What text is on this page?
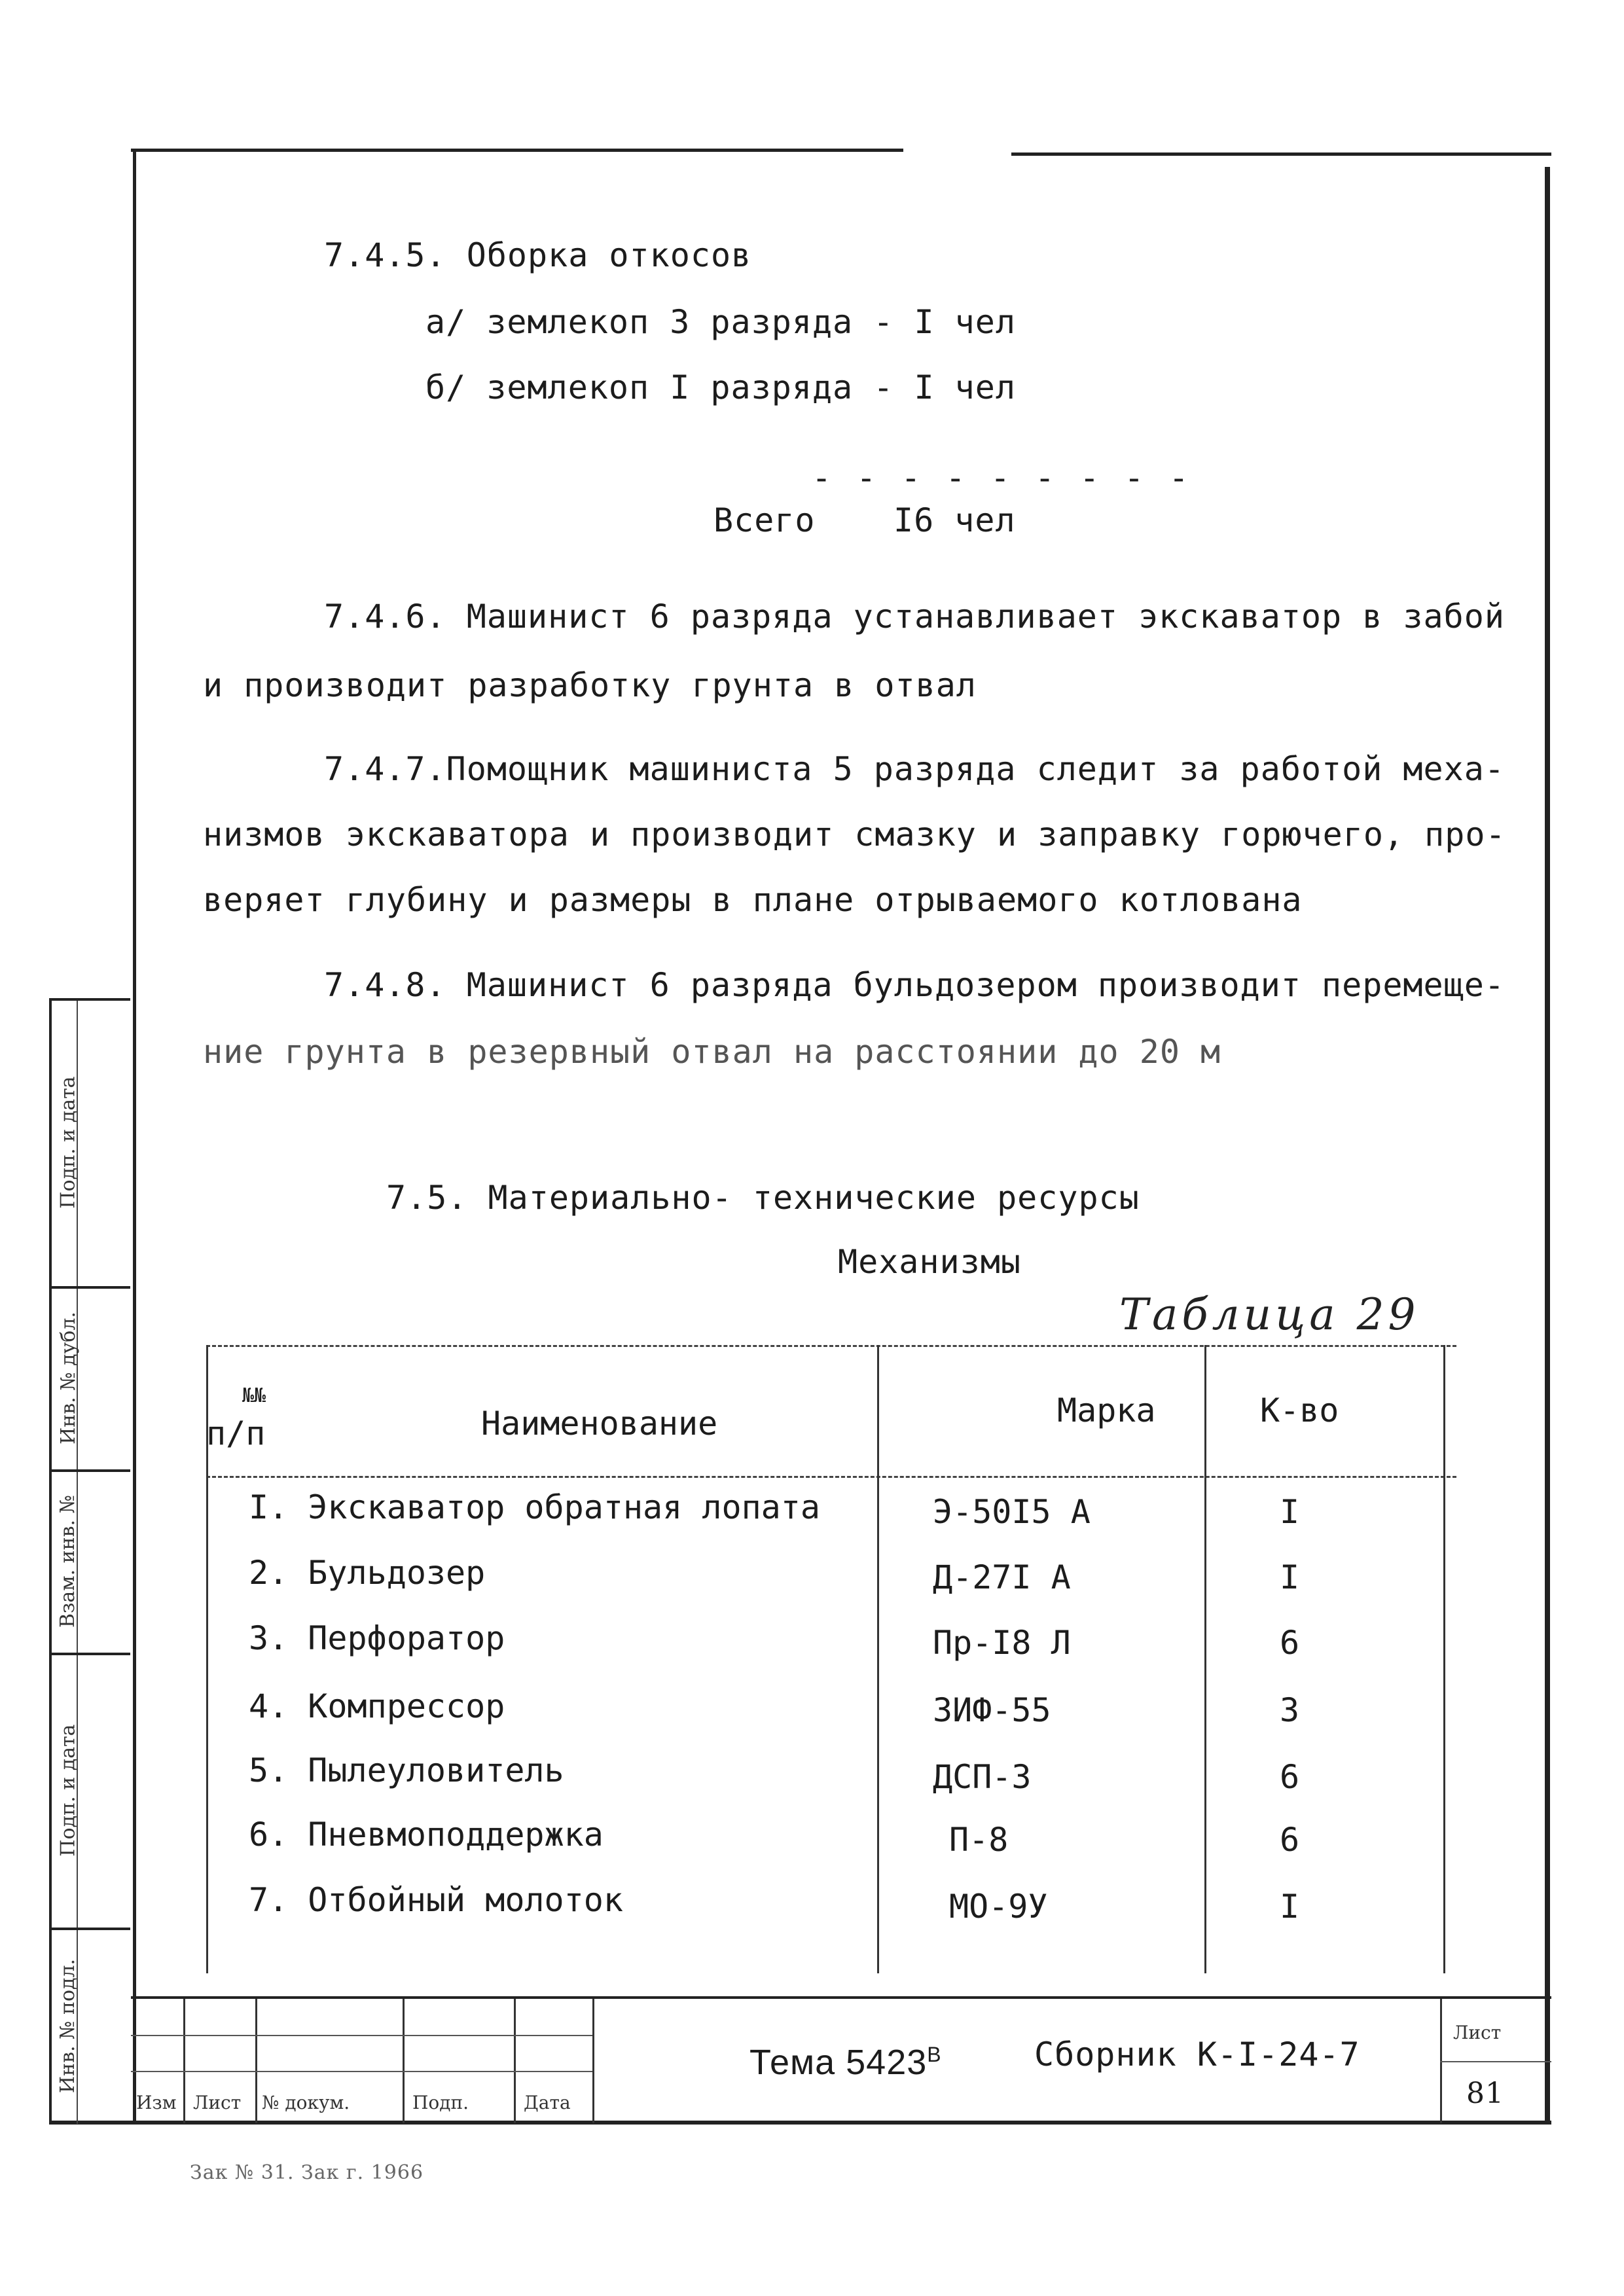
7.4.5. Оборка откосов
а/ землекоп 3 разряда - I чел
б/ землекоп I разряда - I чел
- - - - - - - - -
Всего I6 чел
7.4.6. Машинист 6 разряда устанавливает экскаватор в забой
и производит разработку грунта в отвал
7.4.7.Помощник машиниста 5 разряда следит за работой меха-
низмов экскаватора и производит смазку и заправку горючего, про-
веряет глубину и размеры в плане отрываемого котлована
7.4.8. Машинист 6 разряда бульдозером производит перемеще-
ние грунта в резервный отвал на расстоянии до 20 м
7.5. Материально- технические ресурсы
Механизмы
Таблица 29
№№
п/п	Наименование	Марка	К-во
I. Экскаватор обратная лопата	Э-50I5 А	I
2. Бульдозер	Д-27I А	I
3. Перфоратор	Пр-I8 Л	6
4. Компрессор	ЗИФ-55	3
5. Пылеуловитель	ДСП-3	6
6. Пневмоподдержка	П-8	6
7. Отбойный молоток	МО-9У	I
Подп. и дата
Инв. № дубл.
Взам. инв. №
Подп. и дата
Инв. № подл.
Изм Лист № докум.	Подп.	Дата
Тема $5423^В$	Сборник К-I-24-7
Лист
81
Зак № 31. Зак г. 1966
